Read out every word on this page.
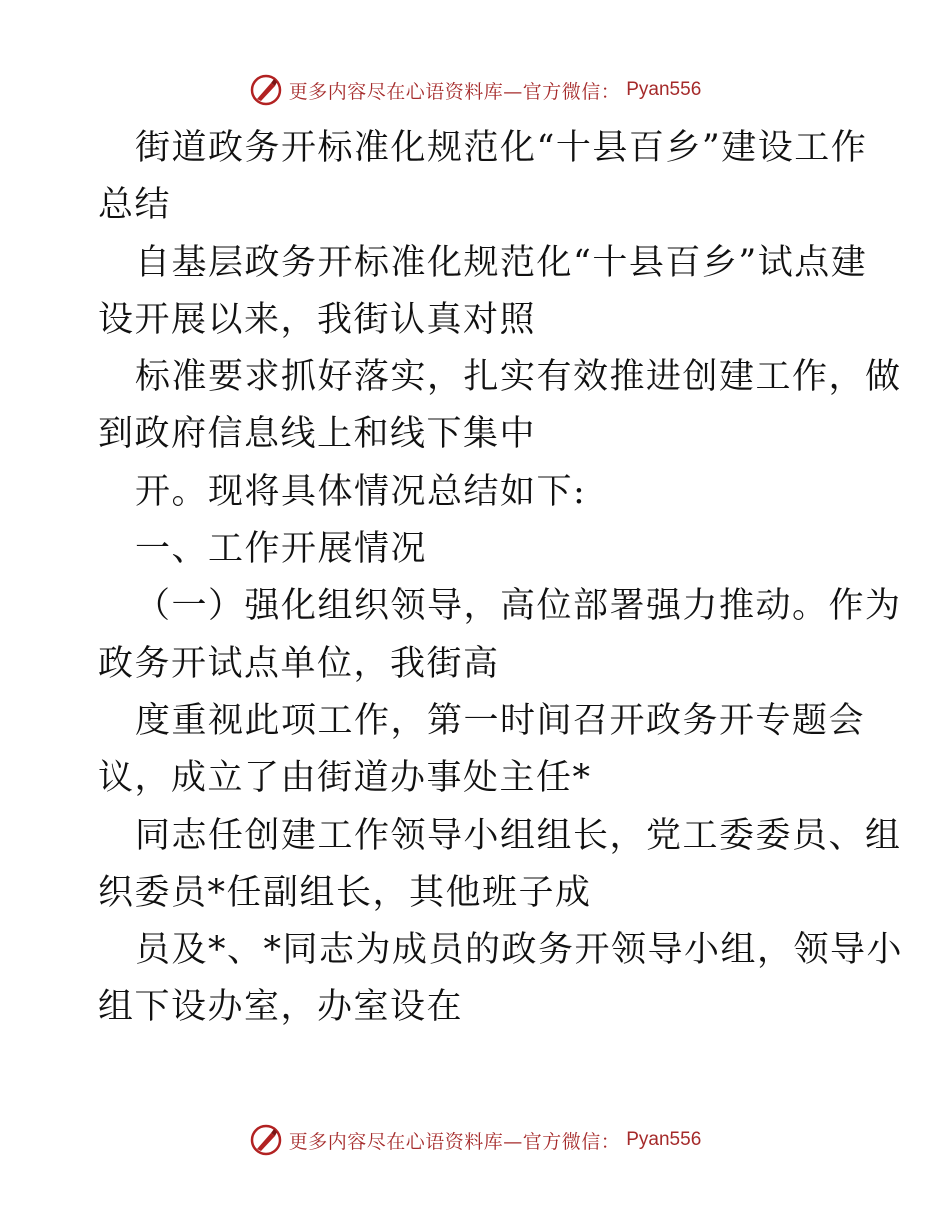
更多内容尽在心语资料库—官方微信： Pyan556
街道政务开标准化规范化“十县百乡”建设工作
总结
自基层政务开标准化规范化“十县百乡”试点建
设开展以来，我街认真对照
标准要求抓好落实，扎实有效推进创建工作，做
到政府信息线上和线下集中
开。现将具体情况总结如下:
一、工作开展情况
（一）强化组织领导，高位部署强力推动。作为
政务开试点单位，我街高
度重视此项工作，第一时间召开政务开专题会
议，成立了由街道办事处主任*
同志任创建工作领导小组组长，党工委委员、组
织委员*任副组长，其他班子成
员及*、*同志为成员的政务开领导小组，领导小
组下设办室，办室设在
更多内容尽在心语资料库—官方微信： Pyan556
